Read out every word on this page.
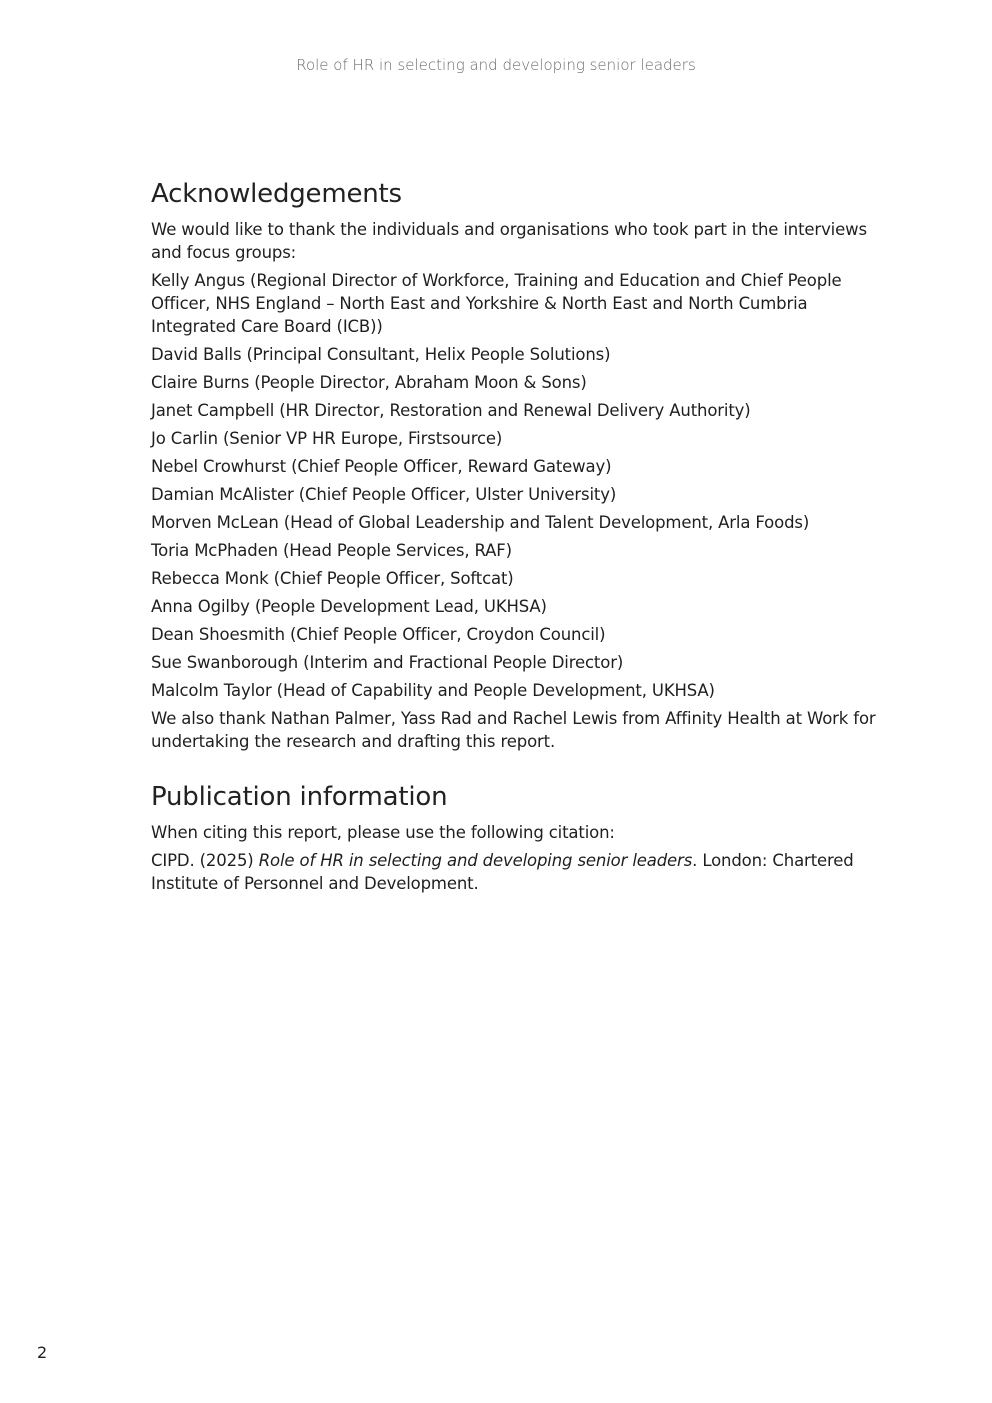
Role of HR in selecting and developing senior leaders
Acknowledgements

We would like to thank the individuals and organisations who took part in the interviews and focus groups:

Kelly Angus (Regional Director of Workforce, Training and Education and Chief People Officer, NHS England – North East and Yorkshire & North East and North Cumbria Integrated Care Board (ICB))

David Balls (Principal Consultant, Helix People Solutions)

Claire Burns (People Director, Abraham Moon & Sons)

Janet Campbell (HR Director, Restoration and Renewal Delivery Authority)

Jo Carlin (Senior VP HR Europe, Firstsource)

Nebel Crowhurst (Chief People Officer, Reward Gateway)

Damian McAlister (Chief People Officer, Ulster University)

Morven McLean (Head of Global Leadership and Talent Development, Arla Foods)

Toria McPhaden (Head People Services, RAF)

Rebecca Monk (Chief People Officer, Softcat)

Anna Ogilby (People Development Lead, UKHSA)

Dean Shoesmith (Chief People Officer, Croydon Council)

Sue Swanborough (Interim and Fractional People Director)

Malcolm Taylor (Head of Capability and People Development, UKHSA)

We also thank Nathan Palmer, Yass Rad and Rachel Lewis from Affinity Health at Work for undertaking the research and drafting this report.

Publication information

When citing this report, please use the following citation:

CIPD. (2025) Role of HR in selecting and developing senior leaders. London: Chartered Institute of Personnel and Development.

2
